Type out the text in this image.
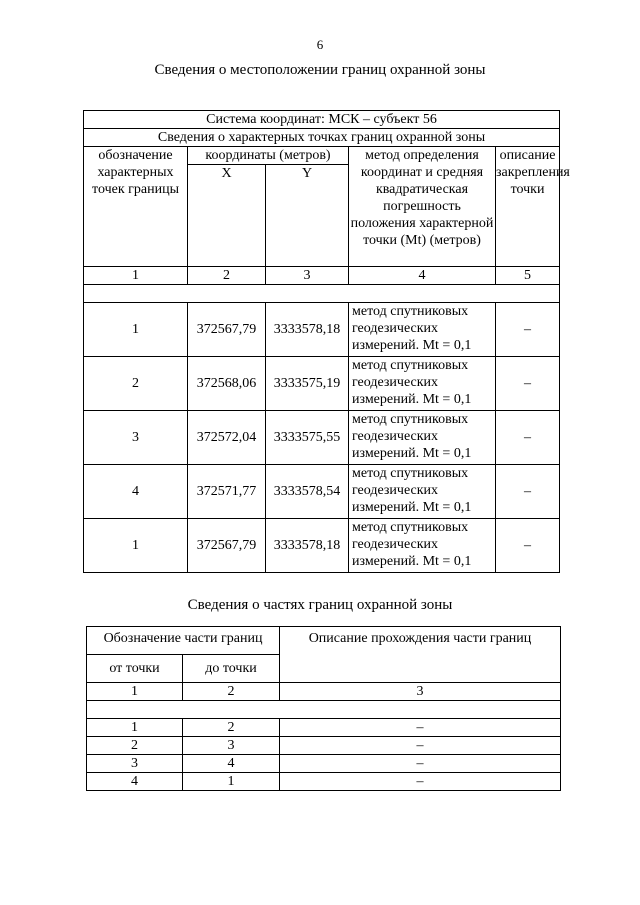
6
Сведения о местоположении границ охранной зоны
Система координат: МСК – субъект 56				
Сведения о характерных точках границ охранной зоны				
обозначение характерных точек границы	координаты (метров)		метод определения координат и средняя квадратическая погрешность положения характерной точки (Mt) (метров)	описание закрепления точки
	X	Y		
1	2	3	4	5

1	372567,79	3333578,18	метод спутниковых геодезических измерений. Mt = 0,1	–
2	372568,06	3333575,19	метод спутниковых геодезических измерений. Mt = 0,1	–
3	372572,04	3333575,55	метод спутниковых геодезических измерений. Mt = 0,1	–
4	372571,77	3333578,54	метод спутниковых геодезических измерений. Mt = 0,1	–
1	372567,79	3333578,18	метод спутниковых геодезических измерений. Mt = 0,1	–
Сведения о частях границ охранной зоны
Обозначение части границ		Описание прохождения части границ
от точки	до точки	
1	2	3

1	2	–
2	3	–
3	4	–
4	1	–
